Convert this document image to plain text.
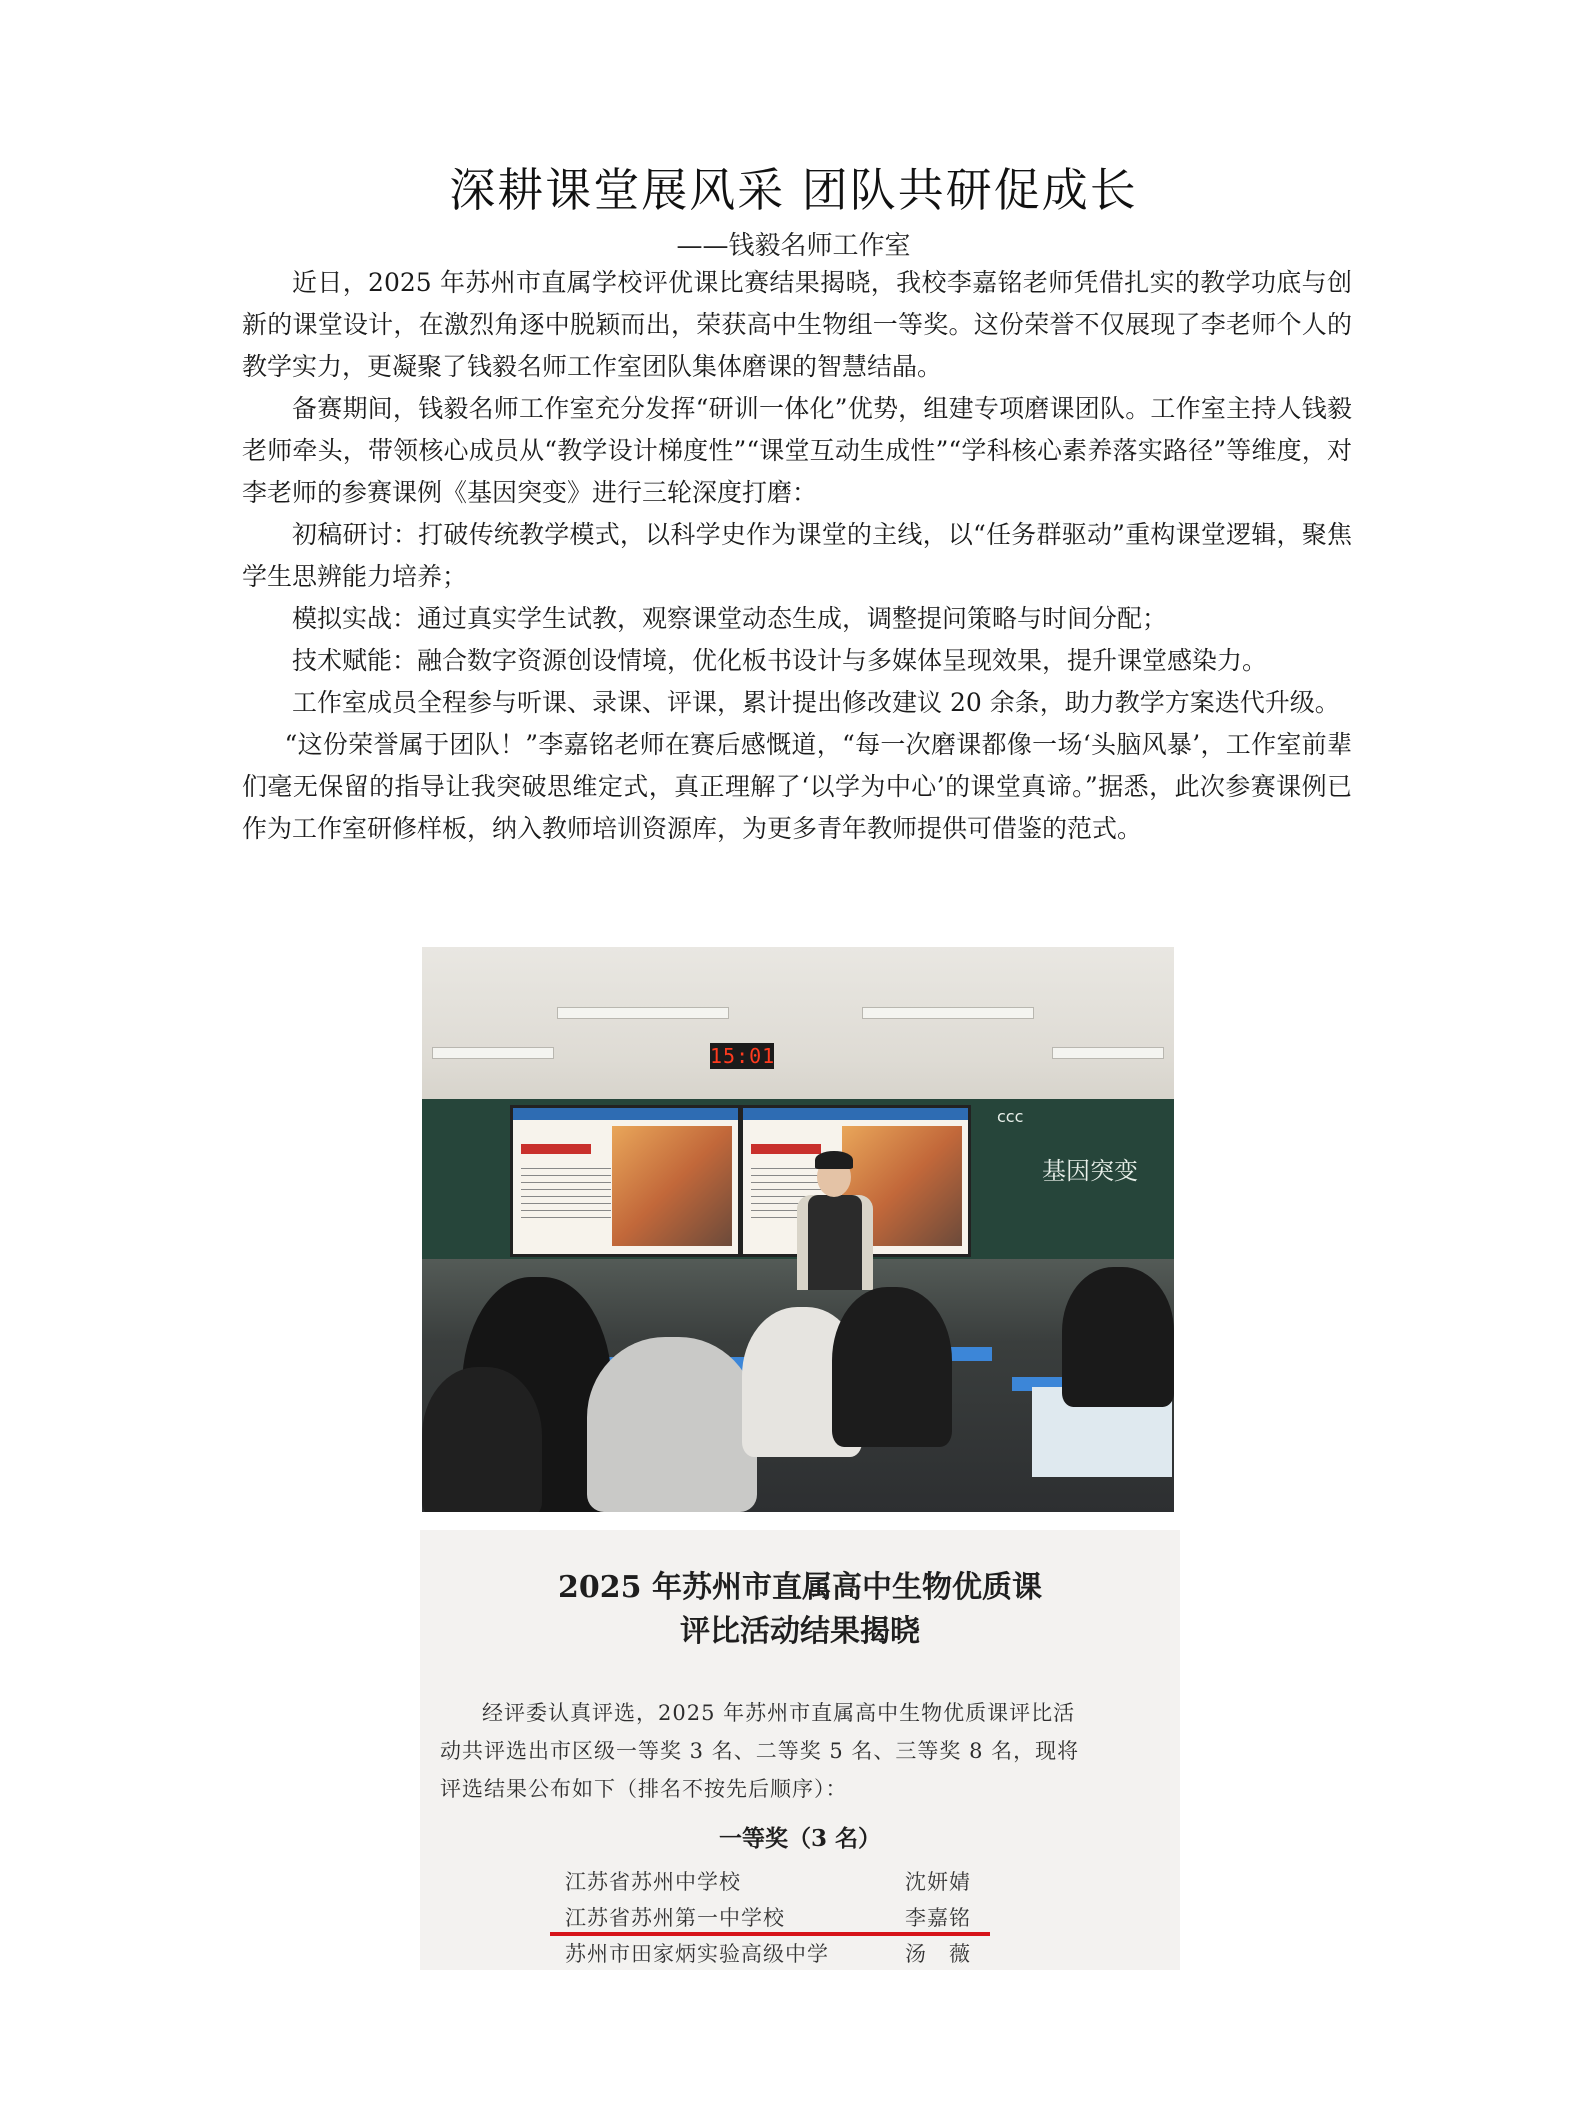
深耕课堂展风采 团队共研促成长
——钱毅名师工作室

近日，2025 年苏州市直属学校评优课比赛结果揭晓，我校李嘉铭老师凭借扎实的教学功底与创新的课堂设计，在激烈角逐中脱颖而出，荣获高中生物组一等奖。这份荣誉不仅展现了李老师个人的教学实力，更凝聚了钱毅名师工作室团队集体磨课的智慧结晶。

备赛期间，钱毅名师工作室充分发挥“研训一体化”优势，组建专项磨课团队。工作室主持人钱毅老师牵头，带领核心成员从“教学设计梯度性”“课堂互动生成性”“学科核心素养落实路径”等维度，对李老师的参赛课例《基因突变》进行三轮深度打磨：

初稿研讨：打破传统教学模式，以科学史作为课堂的主线，以“任务群驱动”重构课堂逻辑，聚焦学生思辨能力培养；

模拟实战：通过真实学生试教，观察课堂动态生成，调整提问策略与时间分配；

技术赋能：融合数字资源创设情境，优化板书设计与多媒体呈现效果，提升课堂感染力。

工作室成员全程参与听课、录课、评课，累计提出修改建议 20 余条，助力教学方案迭代升级。

“这份荣誉属于团队！”李嘉铭老师在赛后感慨道，“每一次磨课都像一场‘头脑风暴’，工作室前辈们毫无保留的指导让我突破思维定式，真正理解了‘以学为中心’的课堂真谛。”据悉，此次参赛课例已作为工作室研修样板，纳入教师培训资源库，为更多青年教师提供可借鉴的范式。

15:01
ccc
基因突变
2025 年苏州市直属高中生物优质课
评比活动结果揭晓

经评委认真评选，2025 年苏州市直属高中生物优质课评比活

动共评选出市区级一等奖 3 名、二等奖 5 名、三等奖 8 名，现将

评选结果公布如下（排名不按先后顺序）：

一等奖（3 名）
江苏省苏州中学校	沈妍婧
江苏省苏州第一中学校	李嘉铭
苏州市田家炳实验高级中学	汤　薇
